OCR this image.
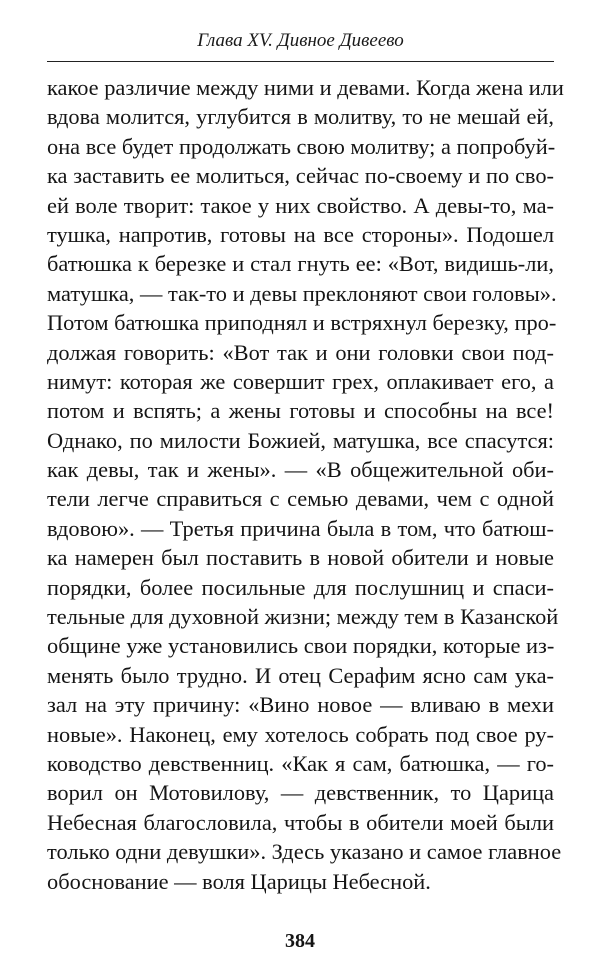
Глава XV. Дивное Дивеево
какое различие между ними и девами. Когда жена или
вдова молится, углубится в молитву, то не мешай ей,
она все будет продолжать свою молитву; а попробуй-
ка заставить ее молиться, сейчас по-своему и по сво-
ей воле творит: такое у них свойство. А девы-то, ма-
тушка, напротив, готовы на все стороны». Подошел
батюшка к березке и стал гнуть ее: «Вот, видишь-ли,
матушка, — так-то и девы преклоняют свои головы».
Потом батюшка приподнял и встряхнул березку, про-
должая говорить: «Вот так и они головки свои под-
нимут: которая же совершит грех, оплакивает его, а
потом и вспять; а жены готовы и способны на все!
Однако, по милости Божией, матушка, все спасутся:
как девы, так и жены». — «В общежительной оби-
тели легче справиться с семью девами, чем с одной
вдовою». — Третья причина была в том, что батюш-
ка намерен был поставить в новой обители и новые
порядки, более посильные для послушниц и спаси-
тельные для духовной жизни; между тем в Казанской
общине уже установились свои порядки, которые из-
менять было трудно. И отец Серафим ясно сам ука-
зал на эту причину: «Вино новое — вливаю в мехи
новые». Наконец, ему хотелось собрать под свое ру-
ководство девственниц. «Как я сам, батюшка, — го-
ворил он Мотовилову, — девственник, то Царица
Небесная благословила, чтобы в обители моей были
только одни девушки». Здесь указано и самое главное
обоснование — воля Царицы Небесной.
384
